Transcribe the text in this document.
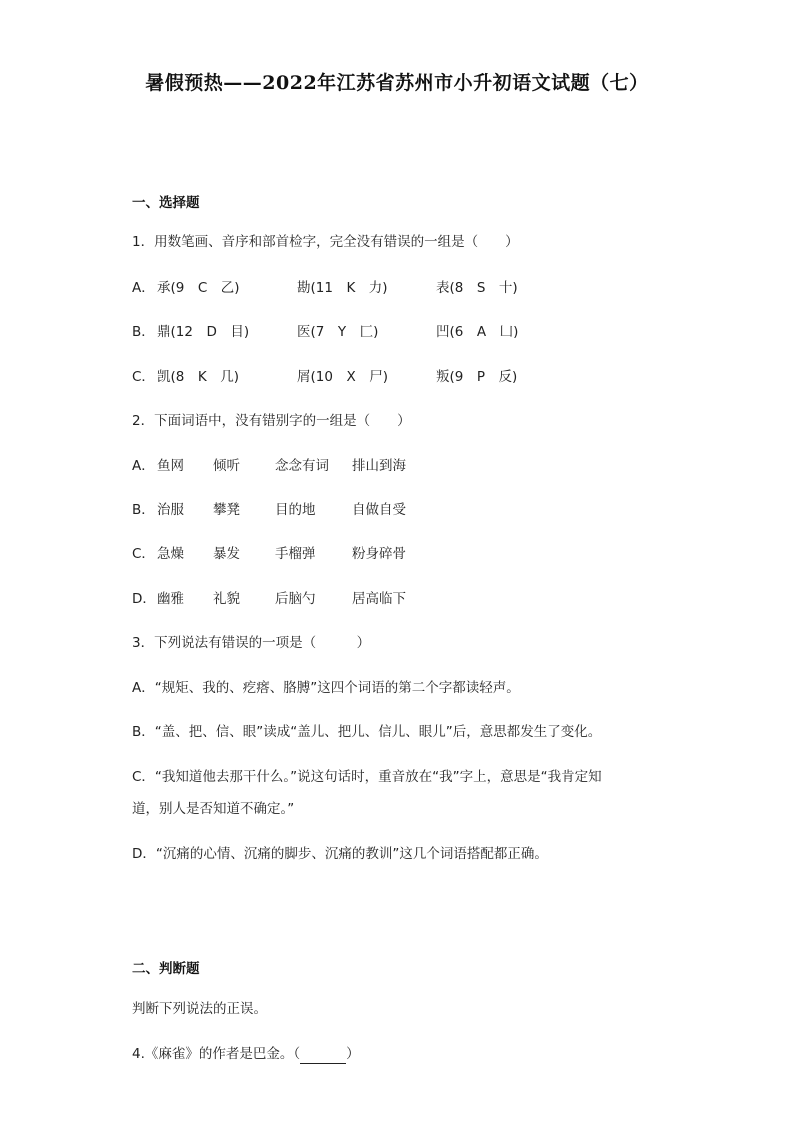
暑假预热——2022年江苏省苏州市小升初语文试题（七）
一、选择题
1．用数笔画、音序和部首检字，完全没有错误的一组是（　　）
A． 承(9　C　乙)	勘(11　K　力)	表(8　S　十)
B． 鼎(12　D　目)	医(7　Y　匚)	凹(6　A　凵)
C． 凯(8　K　几)	屑(10　X　尸)	叛(9　P　反)
2．下面词语中，没有错别字的一组是（　　）
A． 鱼网 倾听	念念有词 排山到海
B． 治服 攀凳	目的地	自做自受
C． 急燥 暴发	手榴弹	粉身碎骨
D． 幽雅 礼貌	后脑勺	居高临下
3．下列说法有错误的一项是（　　　）
A．“规矩、我的、疙瘩、胳膊”这四个词语的第二个字都读轻声。
B．“盖、把、信、眼”读成“盖儿、把儿、信儿、眼儿”后，意思都发生了变化。
C．“我知道他去那干什么。”说这句话时，重音放在“我”字上，意思是“我肯定知
道，别人是否知道不确定。”
D．“沉痛的心情、沉痛的脚步、沉痛的教训”这几个词语搭配都正确。
二、判断题
判断下列说法的正误。
4.《麻雀》的作者是巴金。（	）
